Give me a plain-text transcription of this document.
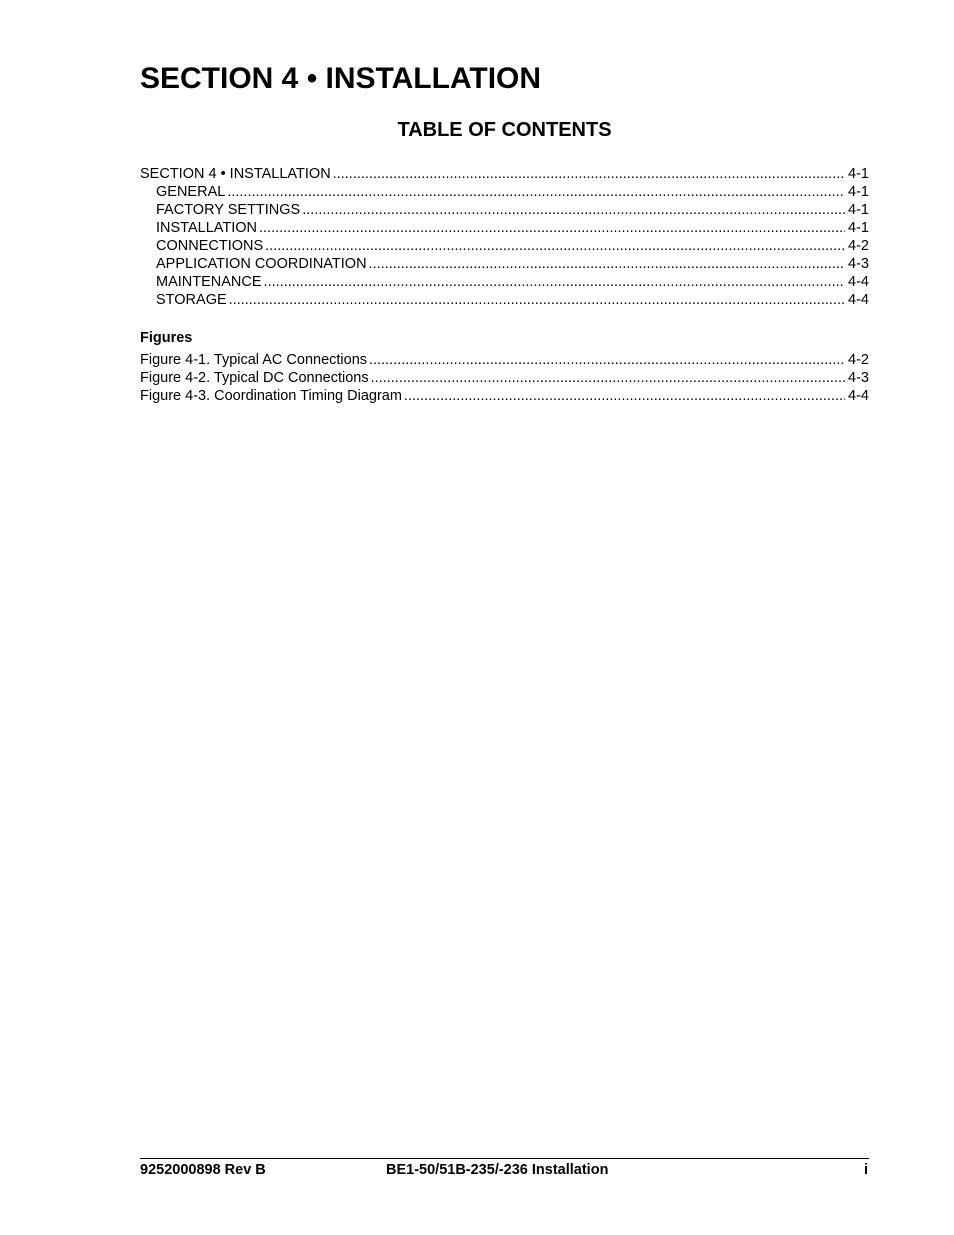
SECTION 4 • INSTALLATION
TABLE OF CONTENTS
SECTION 4 • INSTALLATION .....	4-1
GENERAL .....	4-1
FACTORY SETTINGS .....	4-1
INSTALLATION .....	4-1
CONNECTIONS .....	4-2
APPLICATION COORDINATION .....	4-3
MAINTENANCE .....	4-4
STORAGE .....	4-4
Figures
Figure 4-1. Typical AC Connections .....	4-2
Figure 4-2. Typical DC Connections .....	4-3
Figure 4-3. Coordination Timing Diagram .....	4-4
9252000898 Rev B	BE1-50/51B-235/-236 Installation	i
